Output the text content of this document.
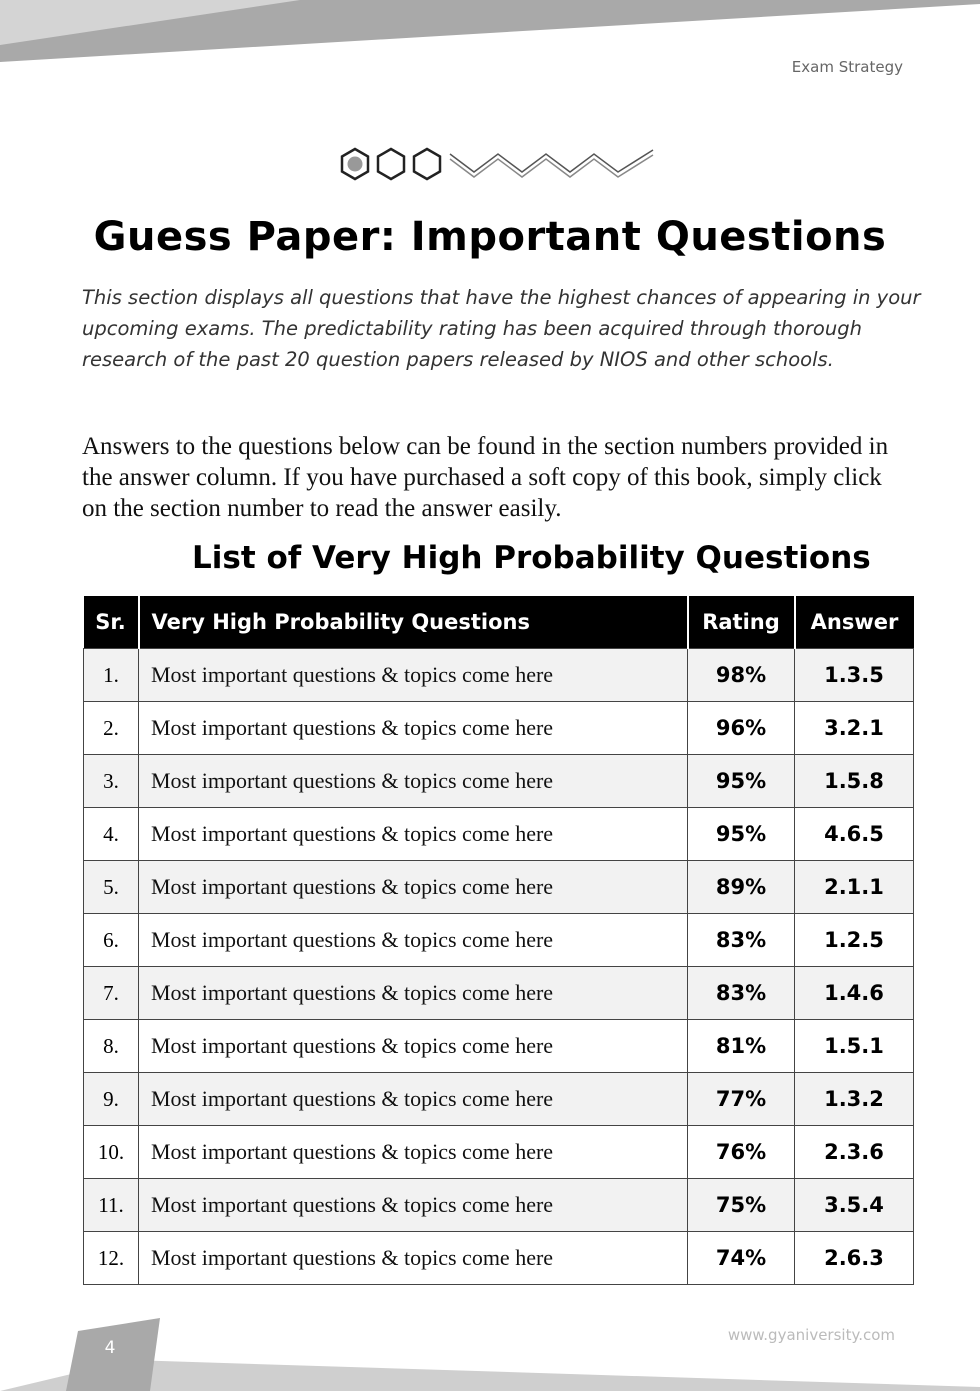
Exam Strategy
Guess Paper: Important Questions
This section displays all questions that have the highest chances of appearing in your upcoming exams. The predictability rating has been acquired through thorough research of the past 20 question papers released by NIOS and other schools.
Answers to the questions below can be found in the section numbers provided in the answer column. If you have purchased a soft copy of this book, simply click on the section number to read the answer easily.
List of Very High Probability Questions
Sr.	Very High Probability Questions	Rating	Answer
1.	Most important questions & topics come here	98%	1.3.5
2.	Most important questions & topics come here	96%	3.2.1
3.	Most important questions & topics come here	95%	1.5.8
4.	Most important questions & topics come here	95%	4.6.5
5.	Most important questions & topics come here	89%	2.1.1
6.	Most important questions & topics come here	83%	1.2.5
7.	Most important questions & topics come here	83%	1.4.6
8.	Most important questions & topics come here	81%	1.5.1
9.	Most important questions & topics come here	77%	1.3.2
10.	Most important questions & topics come here	76%	2.3.6
11.	Most important questions & topics come here	75%	3.5.4
12.	Most important questions & topics come here	74%	2.6.3
4
www.gyaniversity.com
